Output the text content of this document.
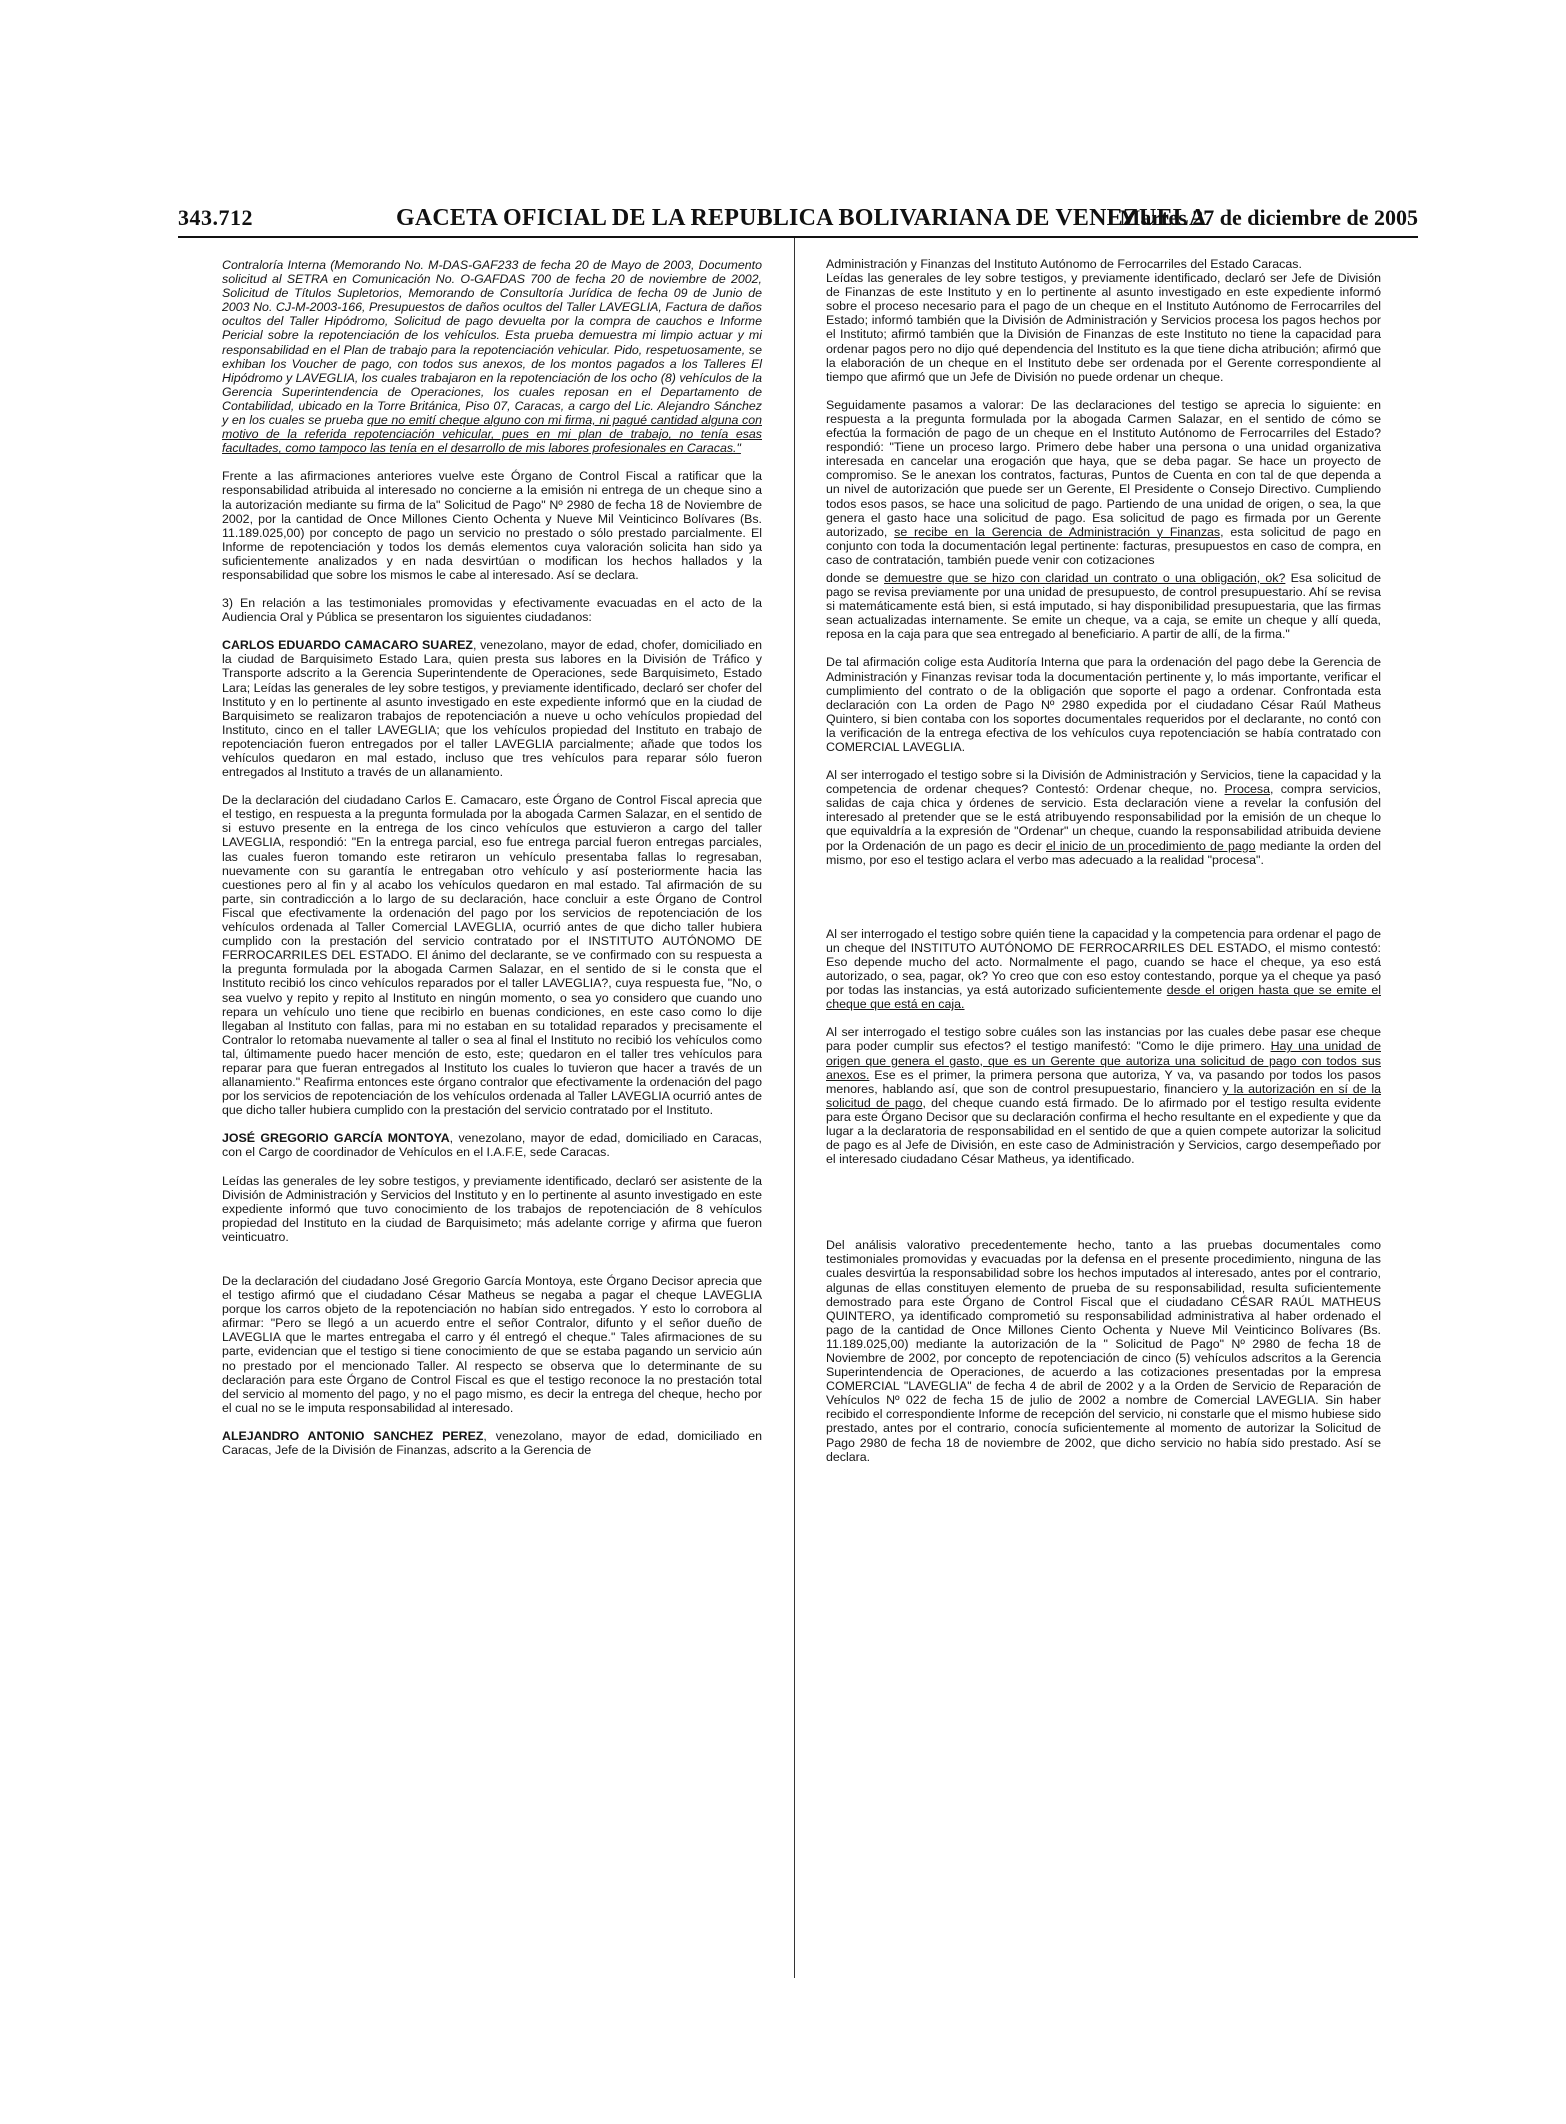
343.712	GACETA OFICIAL DE LA REPUBLICA BOLIVARIANA DE VENEZUELA
Martes 27 de diciembre de 2005

Contraloría Interna (Memorando No. M-DAS-GAF233 de fecha 20 de Mayo de 2003, Documento solicitud al SETRA en Comunicación No. O-GAFDAS 700 de fecha 20 de noviembre de 2002, Solicitud de Títulos Supletorios, Memorando de Consultoría Jurídica de fecha 09 de Junio de 2003 No. CJ-M-2003-166, Presupuestos de daños ocultos del Taller LAVEGLIA, Factura de daños ocultos del Taller Hipódromo, Solicitud de pago devuelta por la compra de cauchos e Informe Pericial sobre la repotenciación de los vehículos. Esta prueba demuestra mi limpio actuar y mi responsabilidad en el Plan de trabajo para la repotenciación vehicular. Pido, respetuosamente, se exhiban los Voucher de pago, con todos sus anexos, de los montos pagados a los Talleres El Hipódromo y LAVEGLIA, los cuales trabajaron en la repotenciación de los ocho (8) vehículos de la Gerencia Superintendencia de Operaciones, los cuales reposan en el Departamento de Contabilidad, ubicado en la Torre Británica, Piso 07, Caracas, a cargo del Lic. Alejandro Sánchez y en los cuales se prueba que no emití cheque alguno con mi firma, ni pagué cantidad alguna con motivo de la referida repotenciación vehicular, pues en mi plan de trabajo, no tenía esas facultades, como tampoco las tenía en el desarrollo de mis labores profesionales en Caracas."

Frente a las afirmaciones anteriores vuelve este Órgano de Control Fiscal a ratificar que la responsabilidad atribuida al interesado no concierne a la emisión ni entrega de un cheque sino a la autorización mediante su firma de la" Solicitud de Pago" Nº 2980 de fecha 18 de Noviembre de 2002, por la cantidad de Once Millones Ciento Ochenta y Nueve Mil Veinticinco Bolívares (Bs. 11.189.025,00) por concepto de pago un servicio no prestado o sólo prestado parcialmente. El Informe de repotenciación y todos los demás elementos cuya valoración solicita han sido ya suficientemente analizados y en nada desvirtúan o modifican los hechos hallados y la responsabilidad que sobre los mismos le cabe al interesado. Así se declara.

3) En relación a las testimoniales promovidas y efectivamente evacuadas en el acto de la Audiencia Oral y Pública se presentaron los siguientes ciudadanos:

CARLOS EDUARDO CAMACARO SUAREZ, venezolano, mayor de edad, chofer, domiciliado en la ciudad de Barquisimeto Estado Lara, quien presta sus labores en la División de Tráfico y Transporte adscrito a la Gerencia Superintendente de Operaciones, sede Barquisimeto, Estado Lara; Leídas las generales de ley sobre testigos, y previamente identificado, declaró ser chofer del Instituto y en lo pertinente al asunto investigado en este expediente informó que en la ciudad de Barquisimeto se realizaron trabajos de repotenciación a nueve u ocho vehículos propiedad del Instituto, cinco en el taller LAVEGLIA; que los vehículos propiedad del Instituto en trabajo de repotenciación fueron entregados por el taller LAVEGLIA parcialmente; añade que todos los vehículos quedaron en mal estado, incluso que tres vehículos para reparar sólo fueron entregados al Instituto a través de un allanamiento.

De la declaración del ciudadano Carlos E. Camacaro, este Órgano de Control Fiscal aprecia que el testigo, en respuesta a la pregunta formulada por la abogada Carmen Salazar, en el sentido de si estuvo presente en la entrega de los cinco vehículos que estuvieron a cargo del taller LAVEGLIA, respondió: "En la entrega parcial, eso fue entrega parcial fueron entregas parciales, las cuales fueron tomando este retiraron un vehículo presentaba fallas lo regresaban, nuevamente con su garantía le entregaban otro vehículo y así posteriormente hacia las cuestiones pero al fin y al acabo los vehículos quedaron en mal estado. Tal afirmación de su parte, sin contradicción a lo largo de su declaración, hace concluir a este Órgano de Control Fiscal que efectivamente la ordenación del pago por los servicios de repotenciación de los vehículos ordenada al Taller Comercial LAVEGLIA, ocurrió antes de que dicho taller hubiera cumplido con la prestación del servicio contratado por el INSTITUTO AUTÓNOMO DE FERROCARRILES DEL ESTADO. El ánimo del declarante, se ve confirmado con su respuesta a la pregunta formulada por la abogada Carmen Salazar, en el sentido de si le consta que el Instituto recibió los cinco vehículos reparados por el taller LAVEGLIA?, cuya respuesta fue, "No, o sea vuelvo y repito y repito al Instituto en ningún momento, o sea yo considero que cuando uno repara un vehículo uno tiene que recibirlo en buenas condiciones, en este caso como lo dije llegaban al Instituto con fallas, para mi no estaban en su totalidad reparados y precisamente el Contralor lo retomaba nuevamente al taller o sea al final el Instituto no recibió los vehículos como tal, últimamente puedo hacer mención de esto, este; quedaron en el taller tres vehículos para reparar para que fueran entregados al Instituto los cuales lo tuvieron que hacer a través de un allanamiento." Reafirma entonces este órgano contralor que efectivamente la ordenación del pago por los servicios de repotenciación de los vehículos ordenada al Taller LAVEGLIA ocurrió antes de que dicho taller hubiera cumplido con la prestación del servicio contratado por el Instituto.

JOSÉ GREGORIO GARCÍA MONTOYA, venezolano, mayor de edad, domiciliado en Caracas, con el Cargo de coordinador de Vehículos en el I.A.F.E, sede Caracas.

Leídas las generales de ley sobre testigos, y previamente identificado, declaró ser asistente de la División de Administración y Servicios del Instituto y en lo pertinente al asunto investigado en este expediente informó que tuvo conocimiento de los trabajos de repotenciación de 8 vehículos propiedad del Instituto en la ciudad de Barquisimeto; más adelante corrige y afirma que fueron veinticuatro.

De la declaración del ciudadano José Gregorio García Montoya, este Órgano Decisor aprecia que el testigo afirmó que el ciudadano César Matheus se negaba a pagar el cheque LAVEGLIA porque los carros objeto de la repotenciación no habían sido entregados. Y esto lo corrobora al afirmar: "Pero se llegó a un acuerdo entre el señor Contralor, difunto y el señor dueño de LAVEGLIA que le martes entregaba el carro y él entregó el cheque." Tales afirmaciones de su parte, evidencian que el testigo si tiene conocimiento de que se estaba pagando un servicio aún no prestado por el mencionado Taller. Al respecto se observa que lo determinante de su declaración para este Órgano de Control Fiscal es que el testigo reconoce la no prestación total del servicio al momento del pago, y no el pago mismo, es decir la entrega del cheque, hecho por el cual no se le imputa responsabilidad al interesado.

ALEJANDRO ANTONIO SANCHEZ PEREZ, venezolano, mayor de edad, domiciliado en Caracas, Jefe de la División de Finanzas, adscrito a la Gerencia de

Administración y Finanzas del Instituto Autónomo de Ferrocarriles del Estado Caracas.

Leídas las generales de ley sobre testigos, y previamente identificado, declaró ser Jefe de División de Finanzas de este Instituto y en lo pertinente al asunto investigado en este expediente informó sobre el proceso necesario para el pago de un cheque en el Instituto Autónomo de Ferrocarriles del Estado; informó también que la División de Administración y Servicios procesa los pagos hechos por el Instituto; afirmó también que la División de Finanzas de este Instituto no tiene la capacidad para ordenar pagos pero no dijo qué dependencia del Instituto es la que tiene dicha atribución; afirmó que la elaboración de un cheque en el Instituto debe ser ordenada por el Gerente correspondiente al tiempo que afirmó que un Jefe de División no puede ordenar un cheque.

Seguidamente pasamos a valorar: De las declaraciones del testigo se aprecia lo siguiente: en respuesta a la pregunta formulada por la abogada Carmen Salazar, en el sentido de cómo se efectúa la formación de pago de un cheque en el Instituto Autónomo de Ferrocarriles del Estado? respondió: "Tiene un proceso largo. Primero debe haber una persona o una unidad organizativa interesada en cancelar una erogación que haya, que se deba pagar. Se hace un proyecto de compromiso. Se le anexan los contratos, facturas, Puntos de Cuenta en con tal de que dependa a un nivel de autorización que puede ser un Gerente, El Presidente o Consejo Directivo. Cumpliendo todos esos pasos, se hace una solicitud de pago. Partiendo de una unidad de origen, o sea, la que genera el gasto hace una solicitud de pago. Esa solicitud de pago es firmada por un Gerente autorizado, se recibe en la Gerencia de Administración y Finanzas, esta solicitud de pago en conjunto con toda la documentación legal pertinente: facturas, presupuestos en caso de compra, en caso de contratación, también puede venir con cotizaciones

donde se demuestre que se hizo con claridad un contrato o una obligación, ok? Esa solicitud de pago se revisa previamente por una unidad de presupuesto, de control presupuestario. Ahí se revisa si matemáticamente está bien, si está imputado, si hay disponibilidad presupuestaria, que las firmas sean actualizadas internamente. Se emite un cheque, va a caja, se emite un cheque y allí queda, reposa en la caja para que sea entregado al beneficiario. A partir de allí, de la firma."

De tal afirmación colige esta Auditoría Interna que para la ordenación del pago debe la Gerencia de Administración y Finanzas revisar toda la documentación pertinente y, lo más importante, verificar el cumplimiento del contrato o de la obligación que soporte el pago a ordenar. Confrontada esta declaración con La orden de Pago Nº 2980 expedida por el ciudadano César Raúl Matheus Quintero, si bien contaba con los soportes documentales requeridos por el declarante, no contó con la verificación de la entrega efectiva de los vehículos cuya repotenciación se había contratado con COMERCIAL LAVEGLIA.

Al ser interrogado el testigo sobre si la División de Administración y Servicios, tiene la capacidad y la competencia de ordenar cheques? Contestó: Ordenar cheque, no. Procesa, compra servicios, salidas de caja chica y órdenes de servicio. Esta declaración viene a revelar la confusión del interesado al pretender que se le está atribuyendo responsabilidad por la emisión de un cheque lo que equivaldría a la expresión de "Ordenar" un cheque, cuando la responsabilidad atribuida deviene por la Ordenación de un pago es decir el inicio de un procedimiento de pago mediante la orden del mismo, por eso el testigo aclara el verbo mas adecuado a la realidad "procesa".

Al ser interrogado el testigo sobre quién tiene la capacidad y la competencia para ordenar el pago de un cheque del INSTITUTO AUTÓNOMO DE FERROCARRILES DEL ESTADO, el mismo contestó: Eso depende mucho del acto. Normalmente el pago, cuando se hace el cheque, ya eso está autorizado, o sea, pagar, ok? Yo creo que con eso estoy contestando, porque ya el cheque ya pasó por todas las instancias, ya está autorizado suficientemente desde el origen hasta que se emite el cheque que está en caja.

Al ser interrogado el testigo sobre cuáles son las instancias por las cuales debe pasar ese cheque para poder cumplir sus efectos? el testigo manifestó: "Como le dije primero. Hay una unidad de origen que genera el gasto, que es un Gerente que autoriza una solicitud de pago con todos sus anexos. Ese es el primer, la primera persona que autoriza, Y va, va pasando por todos los pasos menores, hablando así, que son de control presupuestario, financiero y la autorización en sí de la solicitud de pago, del cheque cuando está firmado. De lo afirmado por el testigo resulta evidente para este Órgano Decisor que su declaración confirma el hecho resultante en el expediente y que da lugar a la declaratoria de responsabilidad en el sentido de que a quien compete autorizar la solicitud de pago es al Jefe de División, en este caso de Administración y Servicios, cargo desempeñado por el interesado ciudadano César Matheus, ya identificado.

Del análisis valorativo precedentemente hecho, tanto a las pruebas documentales como testimoniales promovidas y evacuadas por la defensa en el presente procedimiento, ninguna de las cuales desvirtúa la responsabilidad sobre los hechos imputados al interesado, antes por el contrario, algunas de ellas constituyen elemento de prueba de su responsabilidad, resulta suficientemente demostrado para este Órgano de Control Fiscal que el ciudadano CÉSAR RAÚL MATHEUS QUINTERO, ya identificado comprometió su responsabilidad administrativa al haber ordenado el pago de la cantidad de Once Millones Ciento Ochenta y Nueve Mil Veinticinco Bolívares (Bs. 11.189.025,00) mediante la autorización de la " Solicitud de Pago" Nº 2980 de fecha 18 de Noviembre de 2002, por concepto de repotenciación de cinco (5) vehículos adscritos a la Gerencia Superintendencia de Operaciones, de acuerdo a las cotizaciones presentadas por la empresa COMERCIAL "LAVEGLIA" de fecha 4 de abril de 2002 y a la Orden de Servicio de Reparación de Vehículos Nº 022 de fecha 15 de julio de 2002 a nombre de Comercial LAVEGLIA. Sin haber recibido el correspondiente Informe de recepción del servicio, ni constarle que el mismo hubiese sido prestado, antes por el contrario, conocía suficientemente al momento de autorizar la Solicitud de Pago 2980 de fecha 18 de noviembre de 2002, que dicho servicio no había sido prestado. Así se declara.
